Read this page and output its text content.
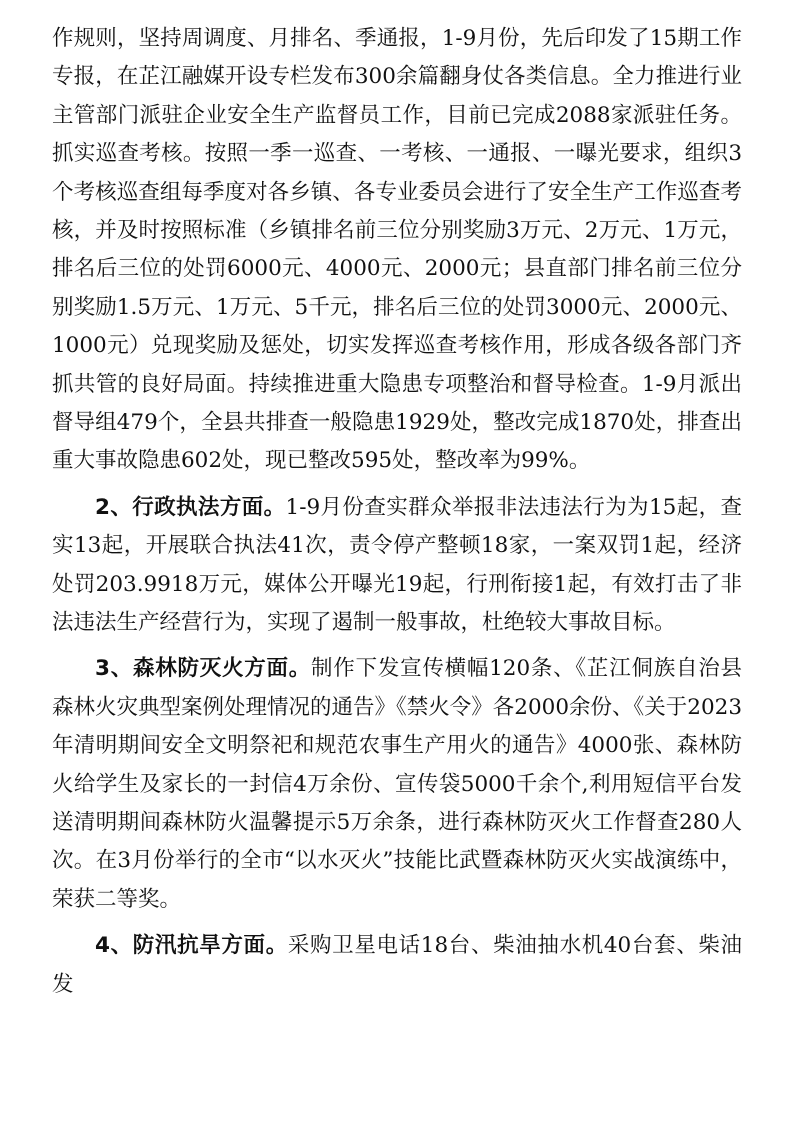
作规则，坚持周调度、月排名、季通报，1-9月份，先后印发了15期工作专报，在芷江融媒开设专栏发布300余篇翻身仗各类信息。全力推进行业主管部门派驻企业安全生产监督员工作，目前已完成2088家派驻任务。抓实巡查考核。按照一季一巡查、一考核、一通报、一曝光要求，组织3个考核巡查组每季度对各乡镇、各专业委员会进行了安全生产工作巡查考核，并及时按照标准（乡镇排名前三位分别奖励3万元、2万元、1万元，排名后三位的处罚6000元、4000元、2000元；县直部门排名前三位分别奖励1.5万元、1万元、5千元，排名后三位的处罚3000元、2000元、1000元）兑现奖励及惩处，切实发挥巡查考核作用，形成各级各部门齐抓共管的良好局面。持续推进重大隐患专项整治和督导检查。1-9月派出督导组479个，全县共排查一般隐患1929处，整改完成1870处，排查出重大事故隐患602处，现已整改595处，整改率为99%。

2、行政执法方面。1-9月份查实群众举报非法违法行为为15起，查实13起，开展联合执法41次，责令停产整顿18家，一案双罚1起，经济处罚203.9918万元，媒体公开曝光19起，行刑衔接1起，有效打击了非法违法生产经营行为，实现了遏制一般事故，杜绝较大事故目标。

3、森林防灭火方面。制作下发宣传横幅120条、《芷江侗族自治县森林火灾典型案例处理情况的通告》《禁火令》各2000余份、《关于2023年清明期间安全文明祭祀和规范农事生产用火的通告》4000张、森林防火给学生及家长的一封信4万余份、宣传袋5000千余个,利用短信平台发送清明期间森林防火温馨提示5万余条，进行森林防灭火工作督查280人次。在3月份举行的全市“以水灭火”技能比武暨森林防灭火实战演练中，荣获二等奖。

4、防汛抗旱方面。采购卫星电话18台、柴油抽水机40台套、柴油发
